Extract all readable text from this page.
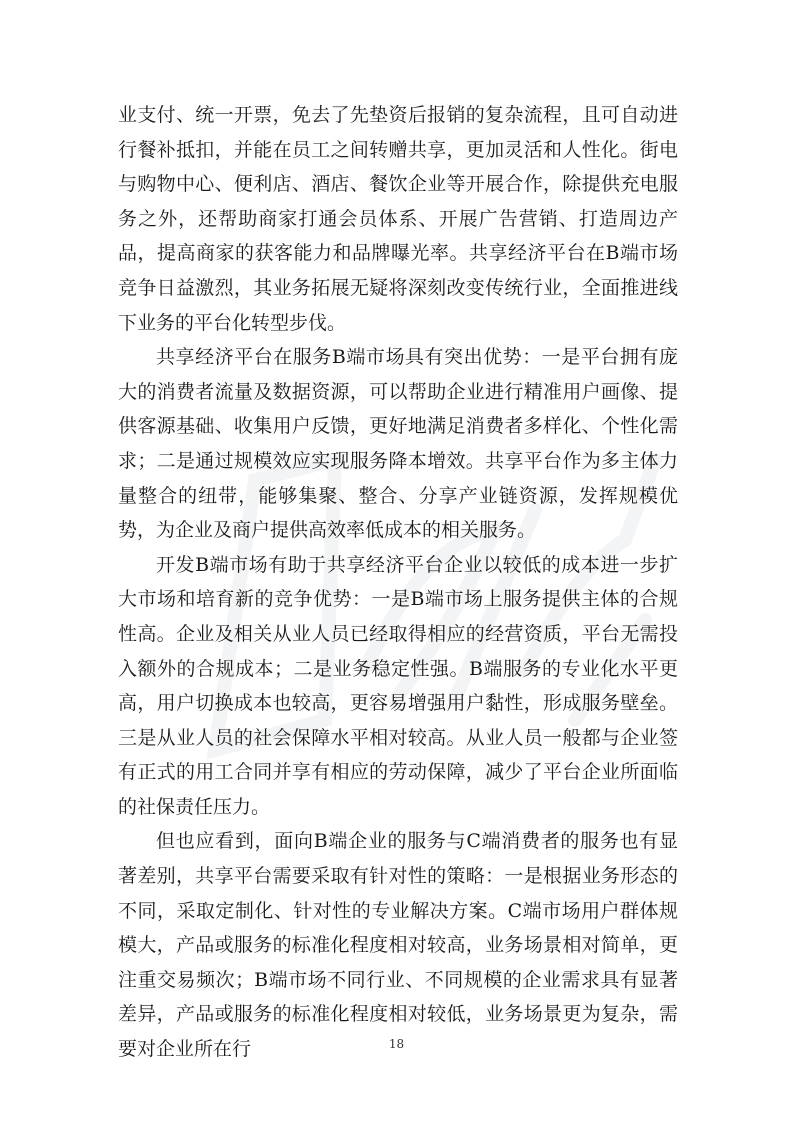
业支付、统一开票，免去了先垫资后报销的复杂流程，且可自动进行餐补抵扣，并能在员工之间转赠共享，更加灵活和人性化。街电与购物中心、便利店、酒店、餐饮企业等开展合作，除提供充电服务之外，还帮助商家打通会员体系、开展广告营销、打造周边产品，提高商家的获客能力和品牌曝光率。共享经济平台在B端市场竞争日益激烈，其业务拓展无疑将深刻改变传统行业，全面推进线下业务的平台化转型步伐。

共享经济平台在服务B端市场具有突出优势：一是平台拥有庞大的消费者流量及数据资源，可以帮助企业进行精准用户画像、提供客源基础、收集用户反馈，更好地满足消费者多样化、个性化需求；二是通过规模效应实现服务降本增效。共享平台作为多主体力量整合的纽带，能够集聚、整合、分享产业链资源，发挥规模优势，为企业及商户提供高效率低成本的相关服务。

开发B端市场有助于共享经济平台企业以较低的成本进一步扩大市场和培育新的竞争优势：一是B端市场上服务提供主体的合规性高。企业及相关从业人员已经取得相应的经营资质，平台无需投入额外的合规成本；二是业务稳定性强。B端服务的专业化水平更高，用户切换成本也较高，更容易增强用户黏性，形成服务壁垒。三是从业人员的社会保障水平相对较高。从业人员一般都与企业签有正式的用工合同并享有相应的劳动保障，减少了平台企业所面临的社保责任压力。

但也应看到，面向B端企业的服务与C端消费者的服务也有显著差别，共享平台需要采取有针对性的策略：一是根据业务形态的不同，采取定制化、针对性的专业解决方案。C端市场用户群体规模大，产品或服务的标准化程度相对较高，业务场景相对简单，更注重交易频次；B端市场不同行业、不同规模的企业需求具有显著差异，产品或服务的标准化程度相对较低，业务场景更为复杂，需要对企业所在行	18
